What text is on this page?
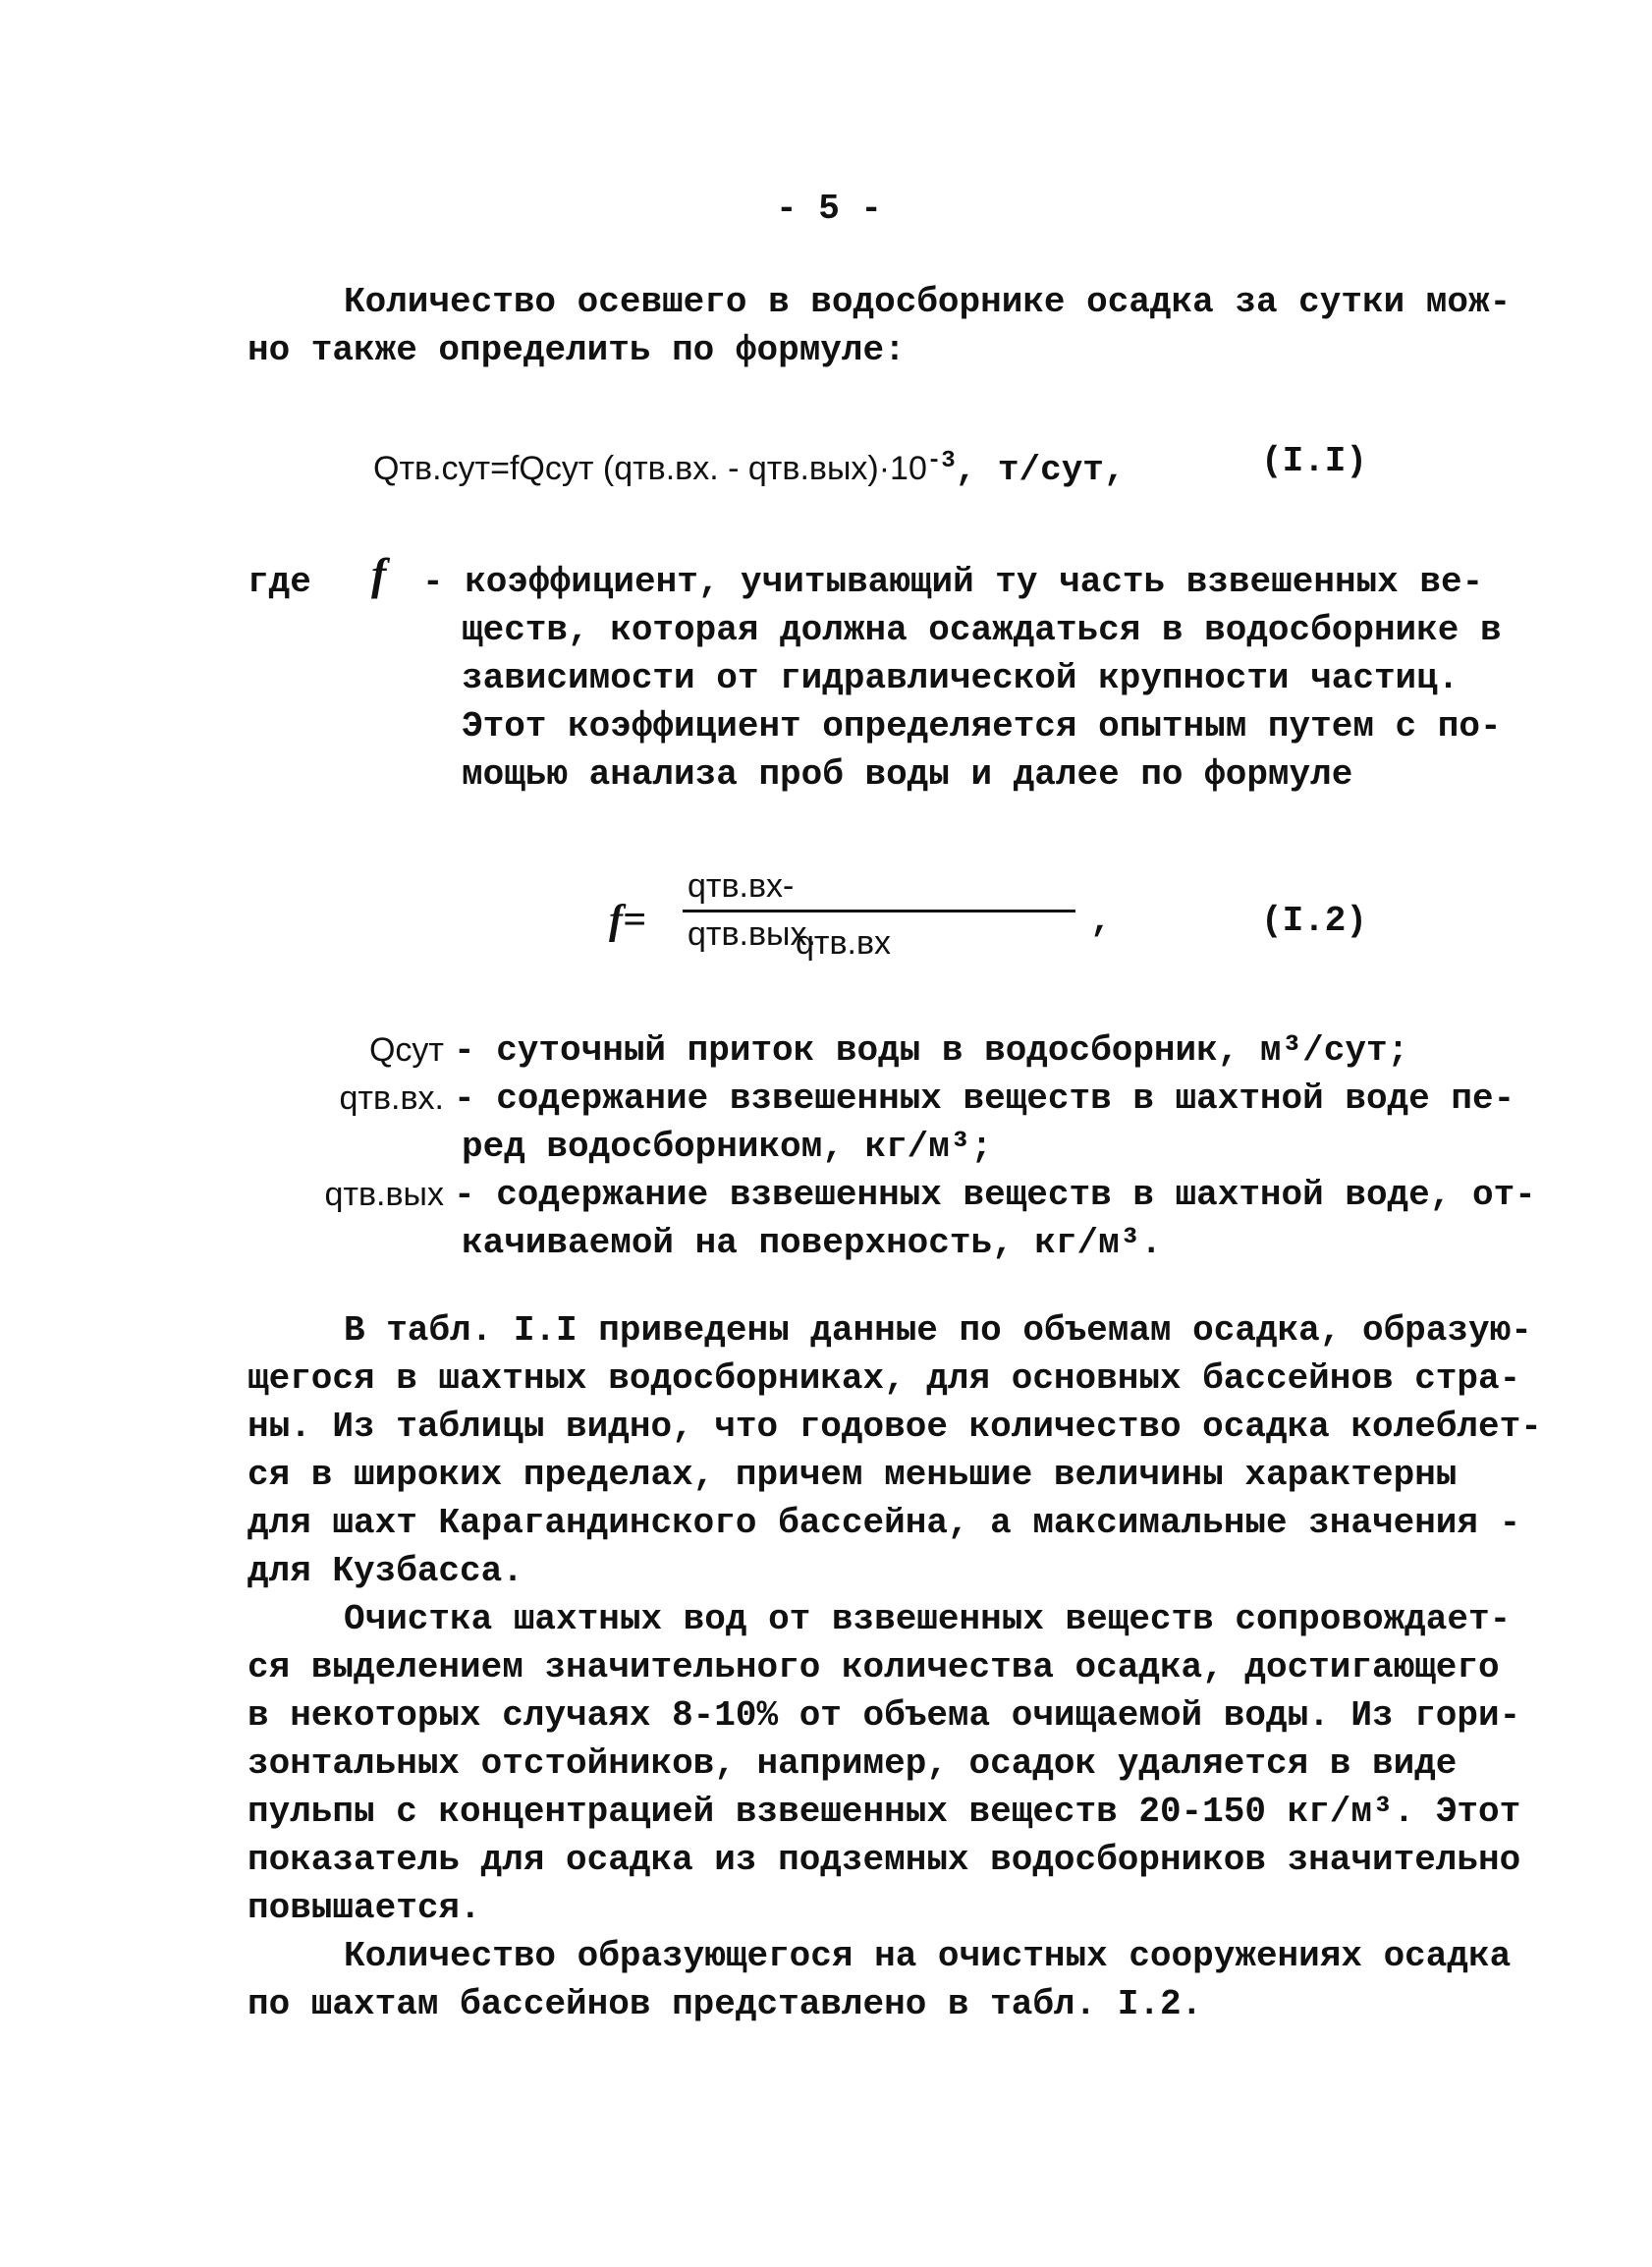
- 5 -
Количество осевшего в водосборнике осадка за сутки мож-
но также определить по формуле:
Qтв.сут=fQсут (qтв.вх. - $qтв.вых)\cdot 10^{-3}$, т/сут,	(I.I)
где f - коэффициент, учитывающий ту часть взвешенных ве-
ществ, которая должна осаждаться в водосборнике в
зависимости от гидравлической крупности частиц.
Этот коэффициент определяется опытным путем с по-
мощью анализа проб воды и далее по формуле
f=
qтв.вх- qтв.вых.
qтв.вх
,	(I.2)
Qсут - суточный приток воды в водосборник, м³/сут;
qтв.вх. - содержание взвешенных веществ в шахтной воде пе-
ред водосборником, кг/м³;
qтв.вых - содержание взвешенных веществ в шахтной воде, от-
качиваемой на поверхность, кг/м³.
В табл. I.I приведены данные по объемам осадка, образую-
щегося в шахтных водосборниках, для основных бассейнов стра-
ны. Из таблицы видно, что годовое количество осадка колеблет-
ся в широких пределах, причем меньшие величины характерны
для шахт Карагандинского бассейна, а максимальные значения -
для Кузбасса.
Очистка шахтных вод от взвешенных веществ сопровождает-
ся выделением значительного количества осадка, достигающего
в некоторых случаях 8-10% от объема очищаемой воды. Из гори-
зонтальных отстойников, например, осадок удаляется в виде
пульпы с концентрацией взвешенных веществ 20-150 кг/м³. Этот
показатель для осадка из подземных водосборников значительно
повышается.
Количество образующегося на очистных сооружениях осадка
по шахтам бассейнов представлено в табл. I.2.
